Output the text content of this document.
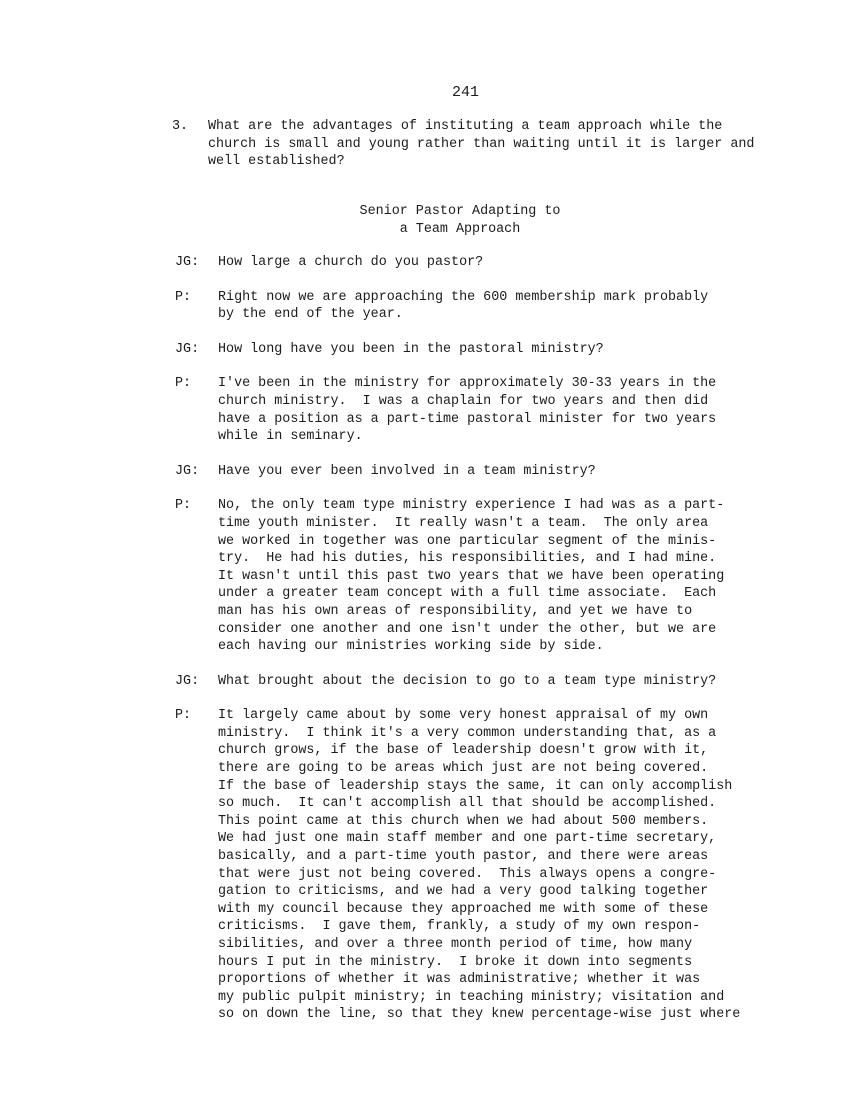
241
3.	What are the advantages of instituting a team approach while the church is small and young rather than waiting until it is larger and well established?
Senior Pastor Adapting to
a Team Approach
JG:	How large a church do you pastor?
P:	Right now we are approaching the 600 membership mark probably
by the end of the year.
JG:	How long have you been in the pastoral ministry?
P:	I've been in the ministry for approximately 30-33 years in the
church ministry.  I was a chaplain for two years and then did
have a position as a part-time pastoral minister for two years
while in seminary.
JG:	Have you ever been involved in a team ministry?
P:	No, the only team type ministry experience I had was as a part-
time youth minister.  It really wasn't a team.  The only area
we worked in together was one particular segment of the minis-
try.  He had his duties, his responsibilities, and I had mine.
It wasn't until this past two years that we have been operating
under a greater team concept with a full time associate.  Each
man has his own areas of responsibility, and yet we have to
consider one another and one isn't under the other, but we are
each having our ministries working side by side.
JG:	What brought about the decision to go to a team type ministry?
P:	It largely came about by some very honest appraisal of my own
ministry.  I think it's a very common understanding that, as a
church grows, if the base of leadership doesn't grow with it,
there are going to be areas which just are not being covered.
If the base of leadership stays the same, it can only accomplish
so much.  It can't accomplish all that should be accomplished.
This point came at this church when we had about 500 members.
We had just one main staff member and one part-time secretary,
basically, and a part-time youth pastor, and there were areas
that were just not being covered.  This always opens a congre-
gation to criticisms, and we had a very good talking together
with my council because they approached me with some of these
criticisms.  I gave them, frankly, a study of my own respon-
sibilities, and over a three month period of time, how many
hours I put in the ministry.  I broke it down into segments
proportions of whether it was administrative; whether it was
my public pulpit ministry; in teaching ministry; visitation and
so on down the line, so that they knew percentage-wise just where
